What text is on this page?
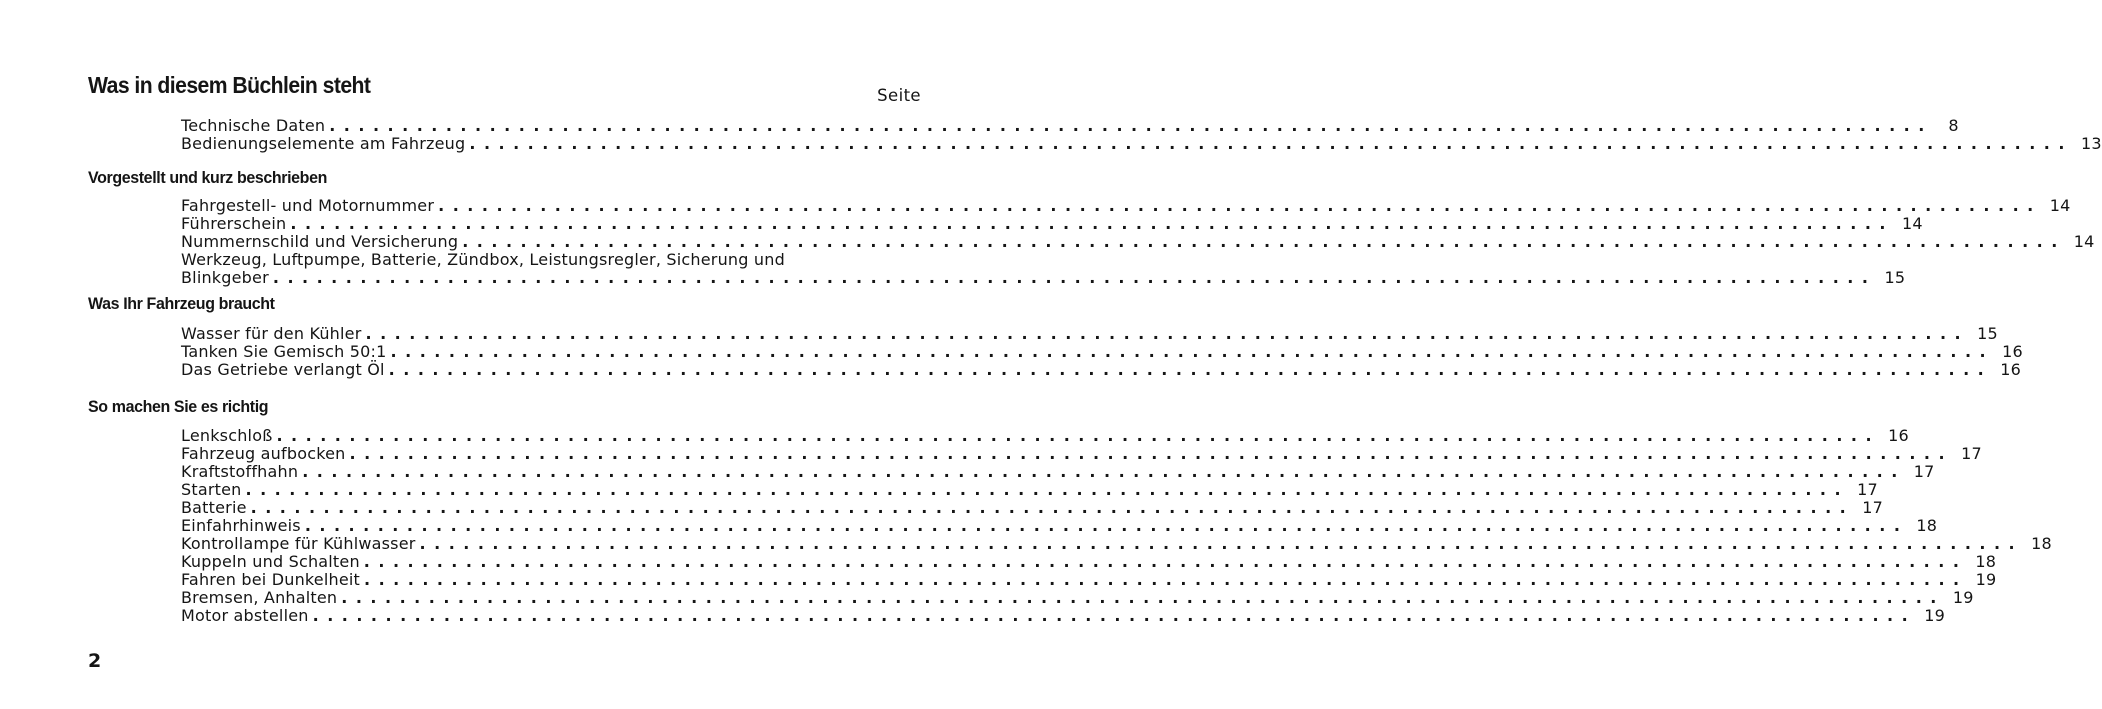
Was in diesem Büchlein steht	Seite
Technische Daten .............................................................................................................. 8
Bedienungselemente am Fahrzeug .............................................................................................................. 13
Vorgestellt und kurz beschrieben
Fahrgestell- und Motornummer .............................................................................................................. 14
Führerschein .............................................................................................................. 14
Nummernschild und Versicherung .............................................................................................................. 14
Werkzeug, Luftpumpe, Batterie, Zündbox, Leistungsregler, Sicherung und
Blinkgeber .............................................................................................................. 15
Was Ihr Fahrzeug braucht
Wasser für den Kühler .............................................................................................................. 15
Tanken Sie Gemisch 50:1 .............................................................................................................. 16
Das Getriebe verlangt Öl .............................................................................................................. 16
So machen Sie es richtig
Lenkschloß .............................................................................................................. 16
Fahrzeug aufbocken .............................................................................................................. 17
Kraftstoffhahn .............................................................................................................. 17
Starten .............................................................................................................. 17
Batterie .............................................................................................................. 17
Einfahrhinweis .............................................................................................................. 18
Kontrollampe für Kühlwasser .............................................................................................................. 18
Kuppeln und Schalten .............................................................................................................. 18
Fahren bei Dunkelheit .............................................................................................................. 19
Bremsen, Anhalten .............................................................................................................. 19
Motor abstellen .............................................................................................................. 19
2
